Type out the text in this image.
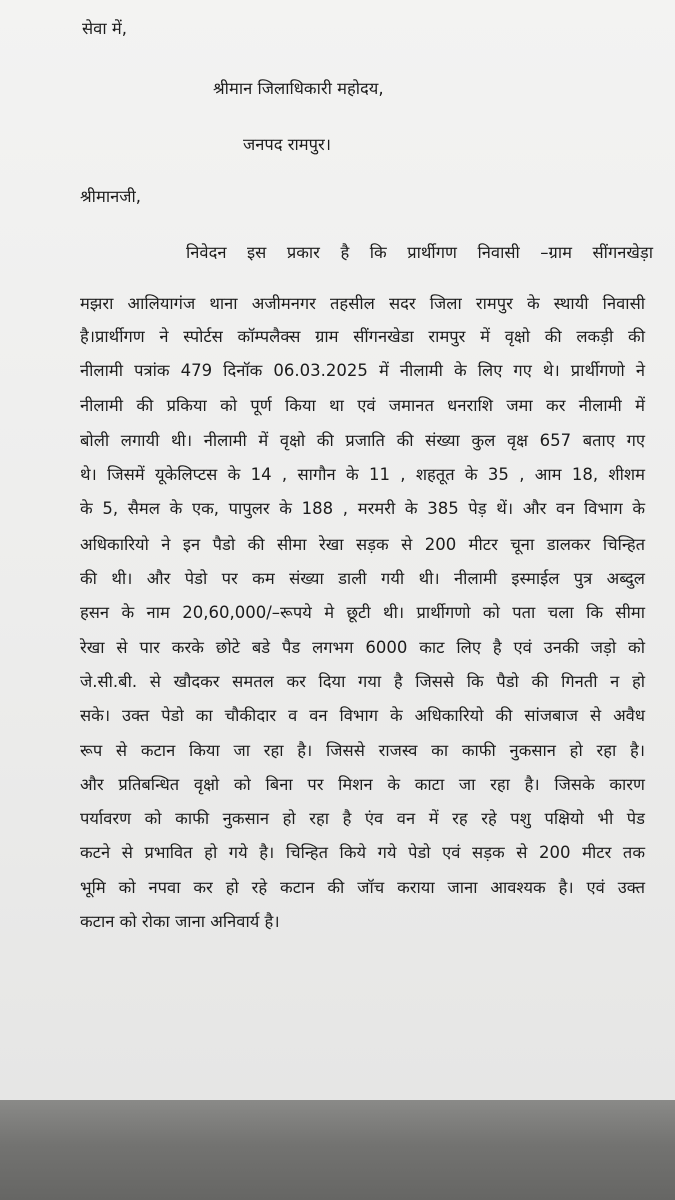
सेवा में,
श्रीमान जिलाधिकारी महोदय,
जनपद रामपुर।
श्रीमानजी,
निवेदन इस प्रकार है कि प्रार्थीगण निवासी –ग्राम सींगनखेड़ा
मझरा आलियागंज थाना अजीमनगर तहसील सदर जिला रामपुर के स्थायी निवासी
है।प्रार्थीगण ने स्पोर्टस कॉम्पलैक्स ग्राम सींगनखेडा रामपुर में वृक्षो की लकड़ी की
नीलामी पत्रांक 479 दिनॉक 06.03.2025 में नीलामी के लिए गए थे। प्रार्थीगणो ने
नीलामी की प्रकिया को पूर्ण किया था एवं जमानत धनराशि जमा कर नीलामी में
बोली लगायी थी। नीलामी में वृक्षो की प्रजाति की संख्या कुल वृक्ष 657 बताए गए
थे। जिसमें यूकेलिप्टस के 14 , सागौन के 11 , शहतूत के 35 , आम 18, शीशम
के 5, सैमल के एक, पापुलर के 188 , मरमरी के 385 पेड़ थें। और वन विभाग के
अधिकारियो ने इन पैडो की सीमा रेखा सड़क से 200 मीटर चूना डालकर चिन्हित
की थी। और पेडो पर कम संख्या डाली गयी थी। नीलामी इस्माईल पुत्र अब्दुल
हसन के नाम 20,60,000/–रूपये मे छूटी थी। प्रार्थीगणो को पता चला कि सीमा
रेखा से पार करके छोटे बडे पैड लगभग 6000 काट लिए है एवं उनकी जड़ो को
जे.सी.बी. से खौदकर समतल कर दिया गया है जिससे कि पैडो की गिनती न हो
सके। उक्त पेडो का चौकीदार व वन विभाग के अधिकारियो की सांजबाज से अवैध
रूप से कटान किया जा रहा है। जिससे राजस्व का काफी नुकसान हो रहा है।
और प्रतिबन्धित वृक्षो को बिना पर मिशन के काटा जा रहा है। जिसके कारण
पर्यावरण को काफी नुकसान हो रहा है एंव वन में रह रहे पशु पक्षियो भी पेड
कटने से प्रभावित हो गये है। चिन्हित किये गये पेडो एवं सड़क से 200 मीटर तक
भूमि को नपवा कर हो रहे कटान की जॉच कराया जाना आवश्यक है। एवं उक्त
कटान को रोका जाना अनिवार्य है।
